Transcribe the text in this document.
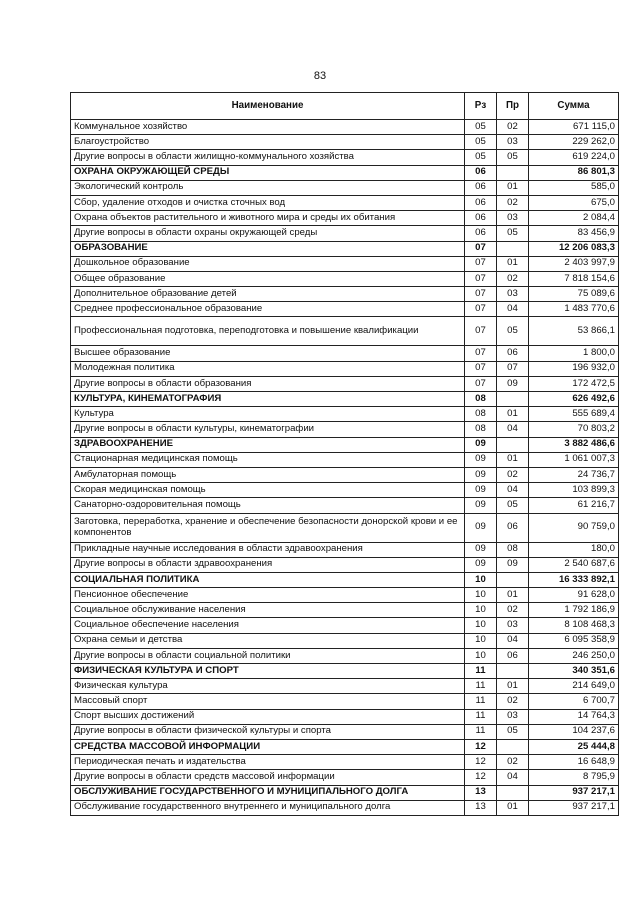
83
Наименование	Рз	Пр	Сумма
Коммунальное хозяйство	05	02	671 115,0
Благоустройство	05	03	229 262,0
Другие вопросы в области жилищно-коммунального хозяйства	05	05	619 224,0
ОХРАНА ОКРУЖАЮЩЕЙ СРЕДЫ	06		86 801,3
Экологический контроль	06	01	585,0
Сбор, удаление отходов и очистка сточных вод	06	02	675,0
Охрана объектов растительного и животного мира и среды их обитания	06	03	2 084,4
Другие вопросы в области охраны окружающей среды	06	05	83 456,9
ОБРАЗОВАНИЕ	07		12 206 083,3
Дошкольное образование	07	01	2 403 997,9
Общее образование	07	02	7 818 154,6
Дополнительное образование детей	07	03	75 089,6
Среднее профессиональное образование	07	04	1 483 770,6
Профессиональная подготовка, переподготовка и повышение квалификации	07	05	53 866,1
Высшее образование	07	06	1 800,0
Молодежная политика	07	07	196 932,0
Другие вопросы в области образования	07	09	172 472,5
КУЛЬТУРА, КИНЕМАТОГРАФИЯ	08		626 492,6
Культура	08	01	555 689,4
Другие вопросы в области культуры, кинематографии	08	04	70 803,2
ЗДРАВООХРАНЕНИЕ	09		3 882 486,6
Стационарная медицинская помощь	09	01	1 061 007,3
Амбулаторная помощь	09	02	24 736,7
Скорая медицинская помощь	09	04	103 899,3
Санаторно-оздоровительная помощь	09	05	61 216,7
Заготовка, переработка, хранение и обеспечение безопасности донорской крови и ее компонентов	09	06	90 759,0
Прикладные научные исследования в области здравоохранения	09	08	180,0
Другие вопросы в области здравоохранения	09	09	2 540 687,6
СОЦИАЛЬНАЯ ПОЛИТИКА	10		16 333 892,1
Пенсионное обеспечение	10	01	91 628,0
Социальное обслуживание населения	10	02	1 792 186,9
Социальное обеспечение населения	10	03	8 108 468,3
Охрана семьи и детства	10	04	6 095 358,9
Другие вопросы в области социальной политики	10	06	246 250,0
ФИЗИЧЕСКАЯ КУЛЬТУРА И СПОРТ	11		340 351,6
Физическая культура	11	01	214 649,0
Массовый спорт	11	02	6 700,7
Спорт высших достижений	11	03	14 764,3
Другие вопросы в области физической культуры и спорта	11	05	104 237,6
СРЕДСТВА МАССОВОЙ ИНФОРМАЦИИ	12		25 444,8
Периодическая печать и издательства	12	02	16 648,9
Другие вопросы в области средств массовой информации	12	04	8 795,9
ОБСЛУЖИВАНИЕ ГОСУДАРСТВЕННОГО И МУНИЦИПАЛЬНОГО ДОЛГА	13		937 217,1
Обслуживание государственного внутреннего и муниципального долга	13	01	937 217,1
